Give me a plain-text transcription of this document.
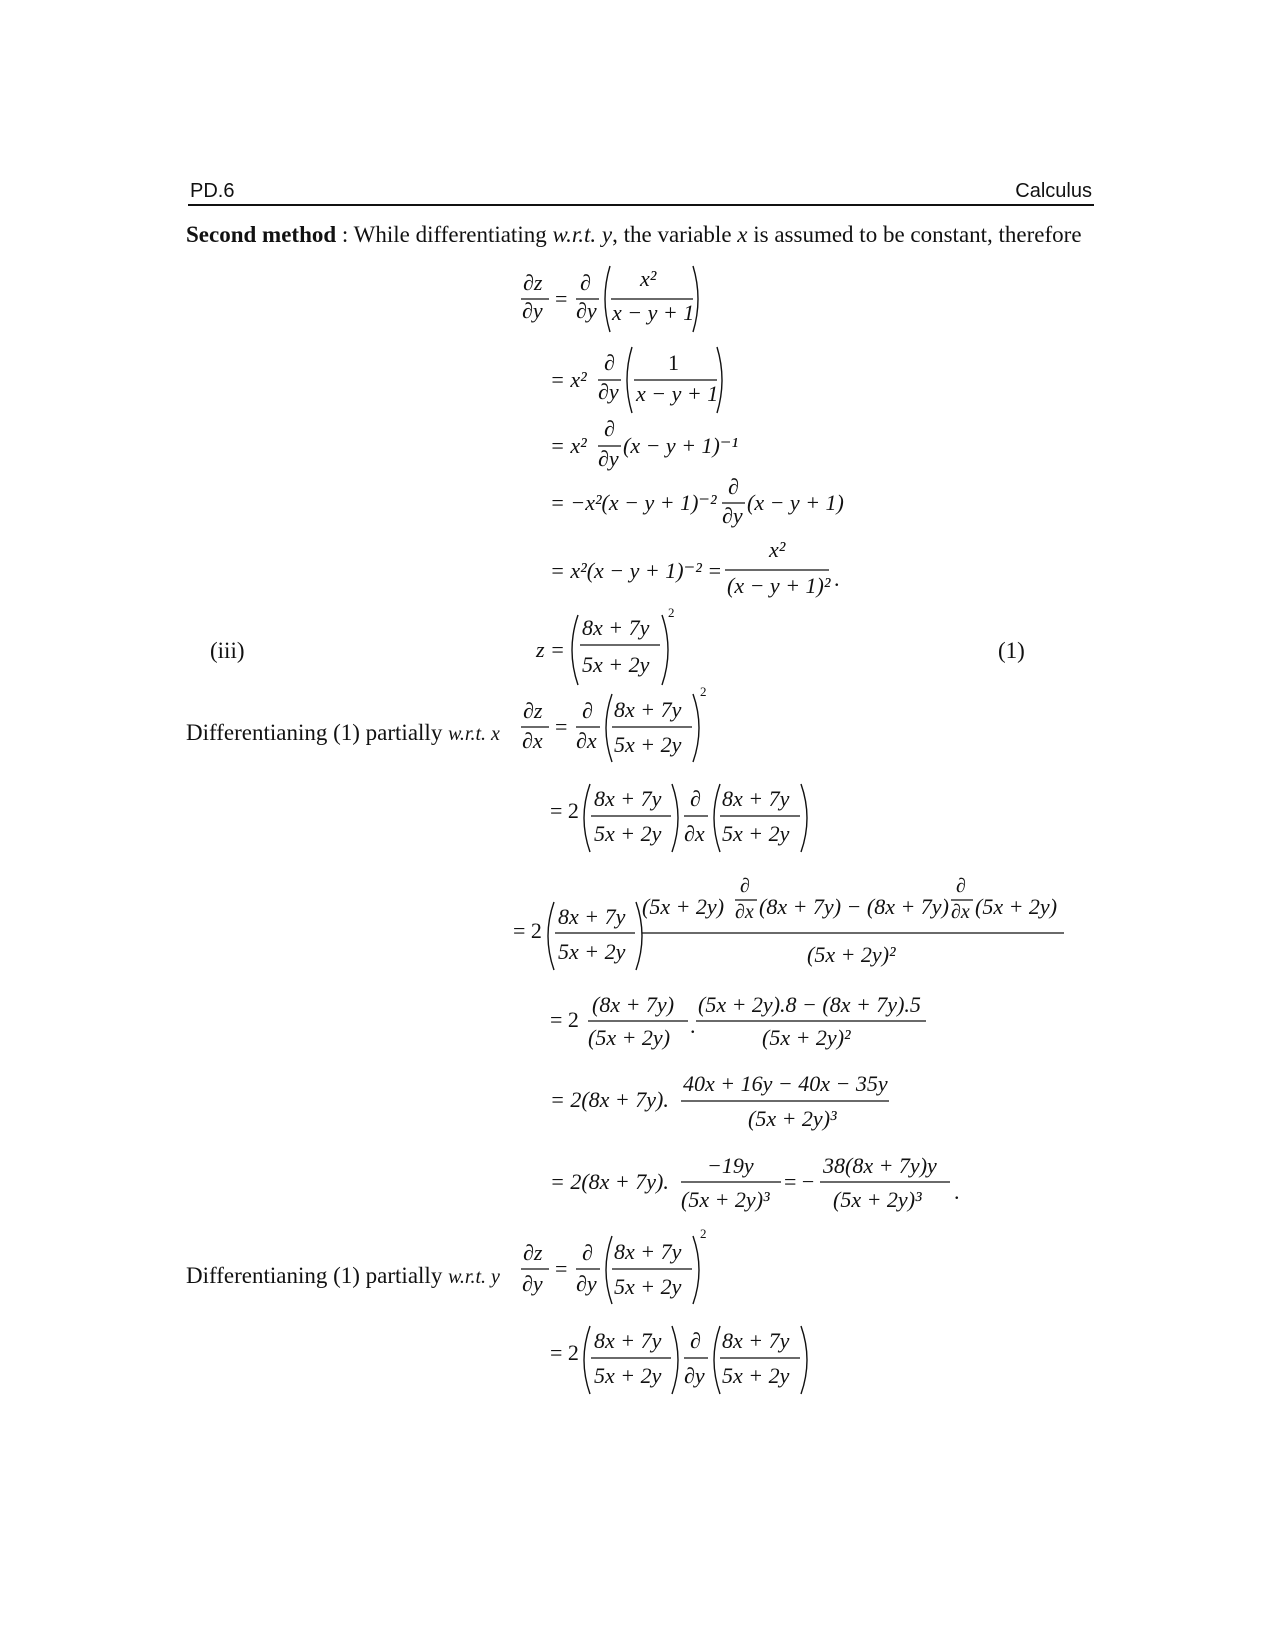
PD.6	Calculus
Second method : While differentiating w.r.t. y, the variable x is assumed to be constant, therefore
∂z
∂y =
∂
∂y
x²
x − y + 1
= x²
∂
∂y
1
x − y + 1
= x²
∂
∂y
(x − y + 1)⁻¹
= −x²(x − y + 1)⁻²
∂
∂y
(x − y + 1)
= x²(x − y + 1)⁻² =
x²
(x − y + 1)² .
z =
8x + 7y
5x + 2y
2
∂z
∂x
=
∂
∂x
8x + 7y
5x + 2y
2
= 2 8x + 7y
5x + 2y
∂
∂x
8x + 7y
5x + 2y
= 2
8x + 7y
5x + 2y
(5x + 2y)
∂
∂x (8x + 7y) − (8x + 7y)
∂
∂x (5x + 2y)
(5x + 2y)²
= 2
(8x + 7y)
(5x + 2y) .
(5x + 2y).8 − (8x + 7y).5
(5x + 2y)²
= 2(8x + 7y).
40x + 16y − 40x − 35y
(5x + 2y)³
= 2(8x + 7y).
−19y
(5x + 2y)³
= −
38(8x + 7y)y
(5x + 2y)³ .
∂z
∂y
=
∂
∂y
8x + 7y
5x + 2y
2
= 2 8x + 7y
5x + 2y
∂
∂y
8x + 7y
5x + 2y
(iii)	(1)
Differentianing (1) partially w.r.t. x
Differentianing (1) partially w.r.t. y
